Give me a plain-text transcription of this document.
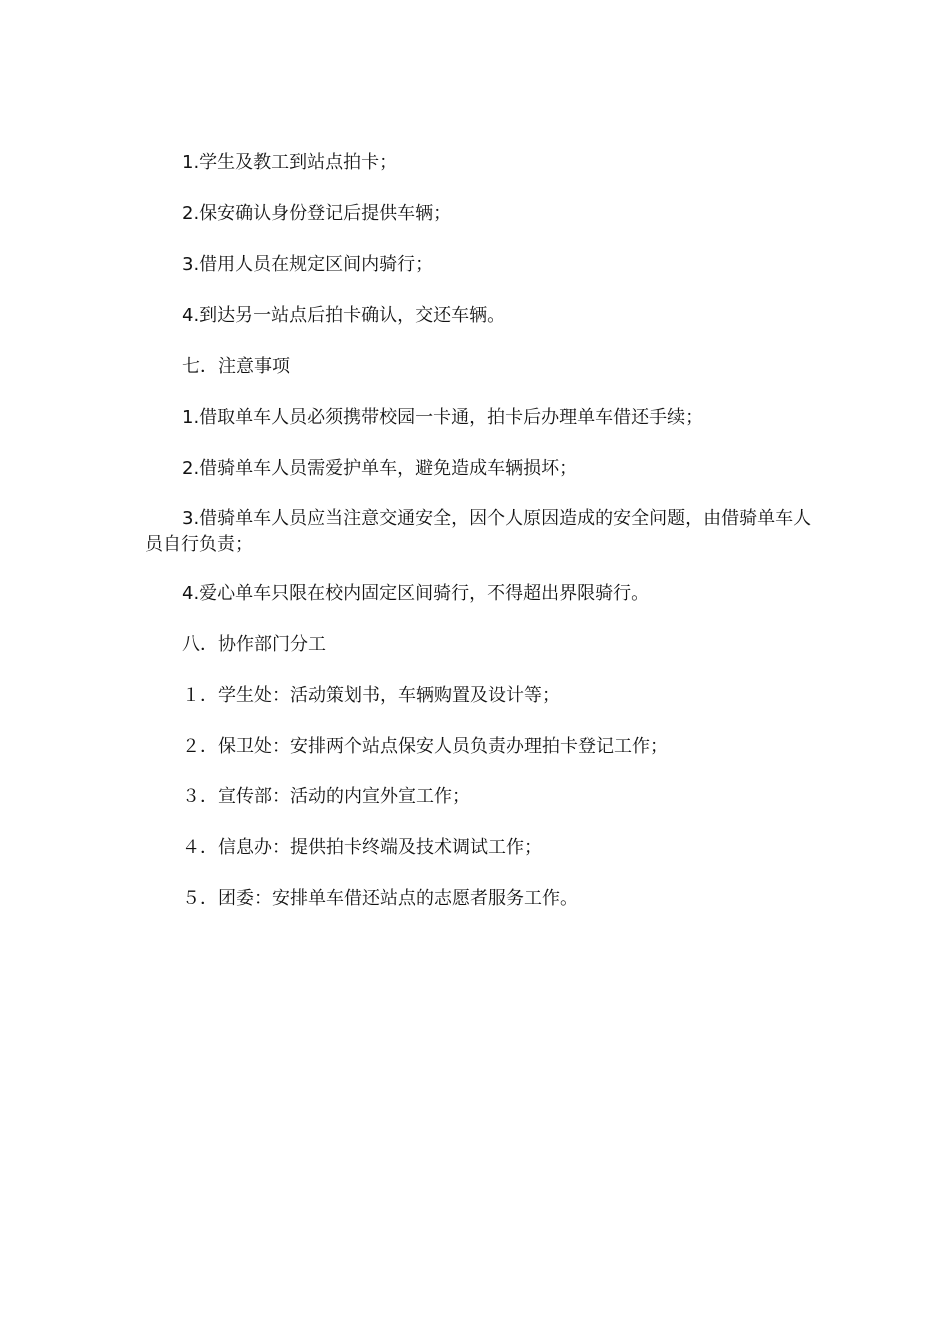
1.学生及教工到站点拍卡；

2.保安确认身份登记后提供车辆；

3.借用人员在规定区间内骑行；

4.到达另一站点后拍卡确认，交还车辆。

七．注意事项

1.借取单车人员必须携带校园一卡通，拍卡后办理单车借还手续；

2.借骑单车人员需爱护单车，避免造成车辆损坏；

3.借骑单车人员应当注意交通安全，因个人原因造成的安全问题，由借骑单车人员自行负责；

4.爱心单车只限在校内固定区间骑行，不得超出界限骑行。

八．协作部门分工

１．学生处：活动策划书，车辆购置及设计等；

２．保卫处：安排两个站点保安人员负责办理拍卡登记工作；

３．宣传部：活动的内宣外宣工作；

４．信息办：提供拍卡终端及技术调试工作；

５．团委：安排单车借还站点的志愿者服务工作。
